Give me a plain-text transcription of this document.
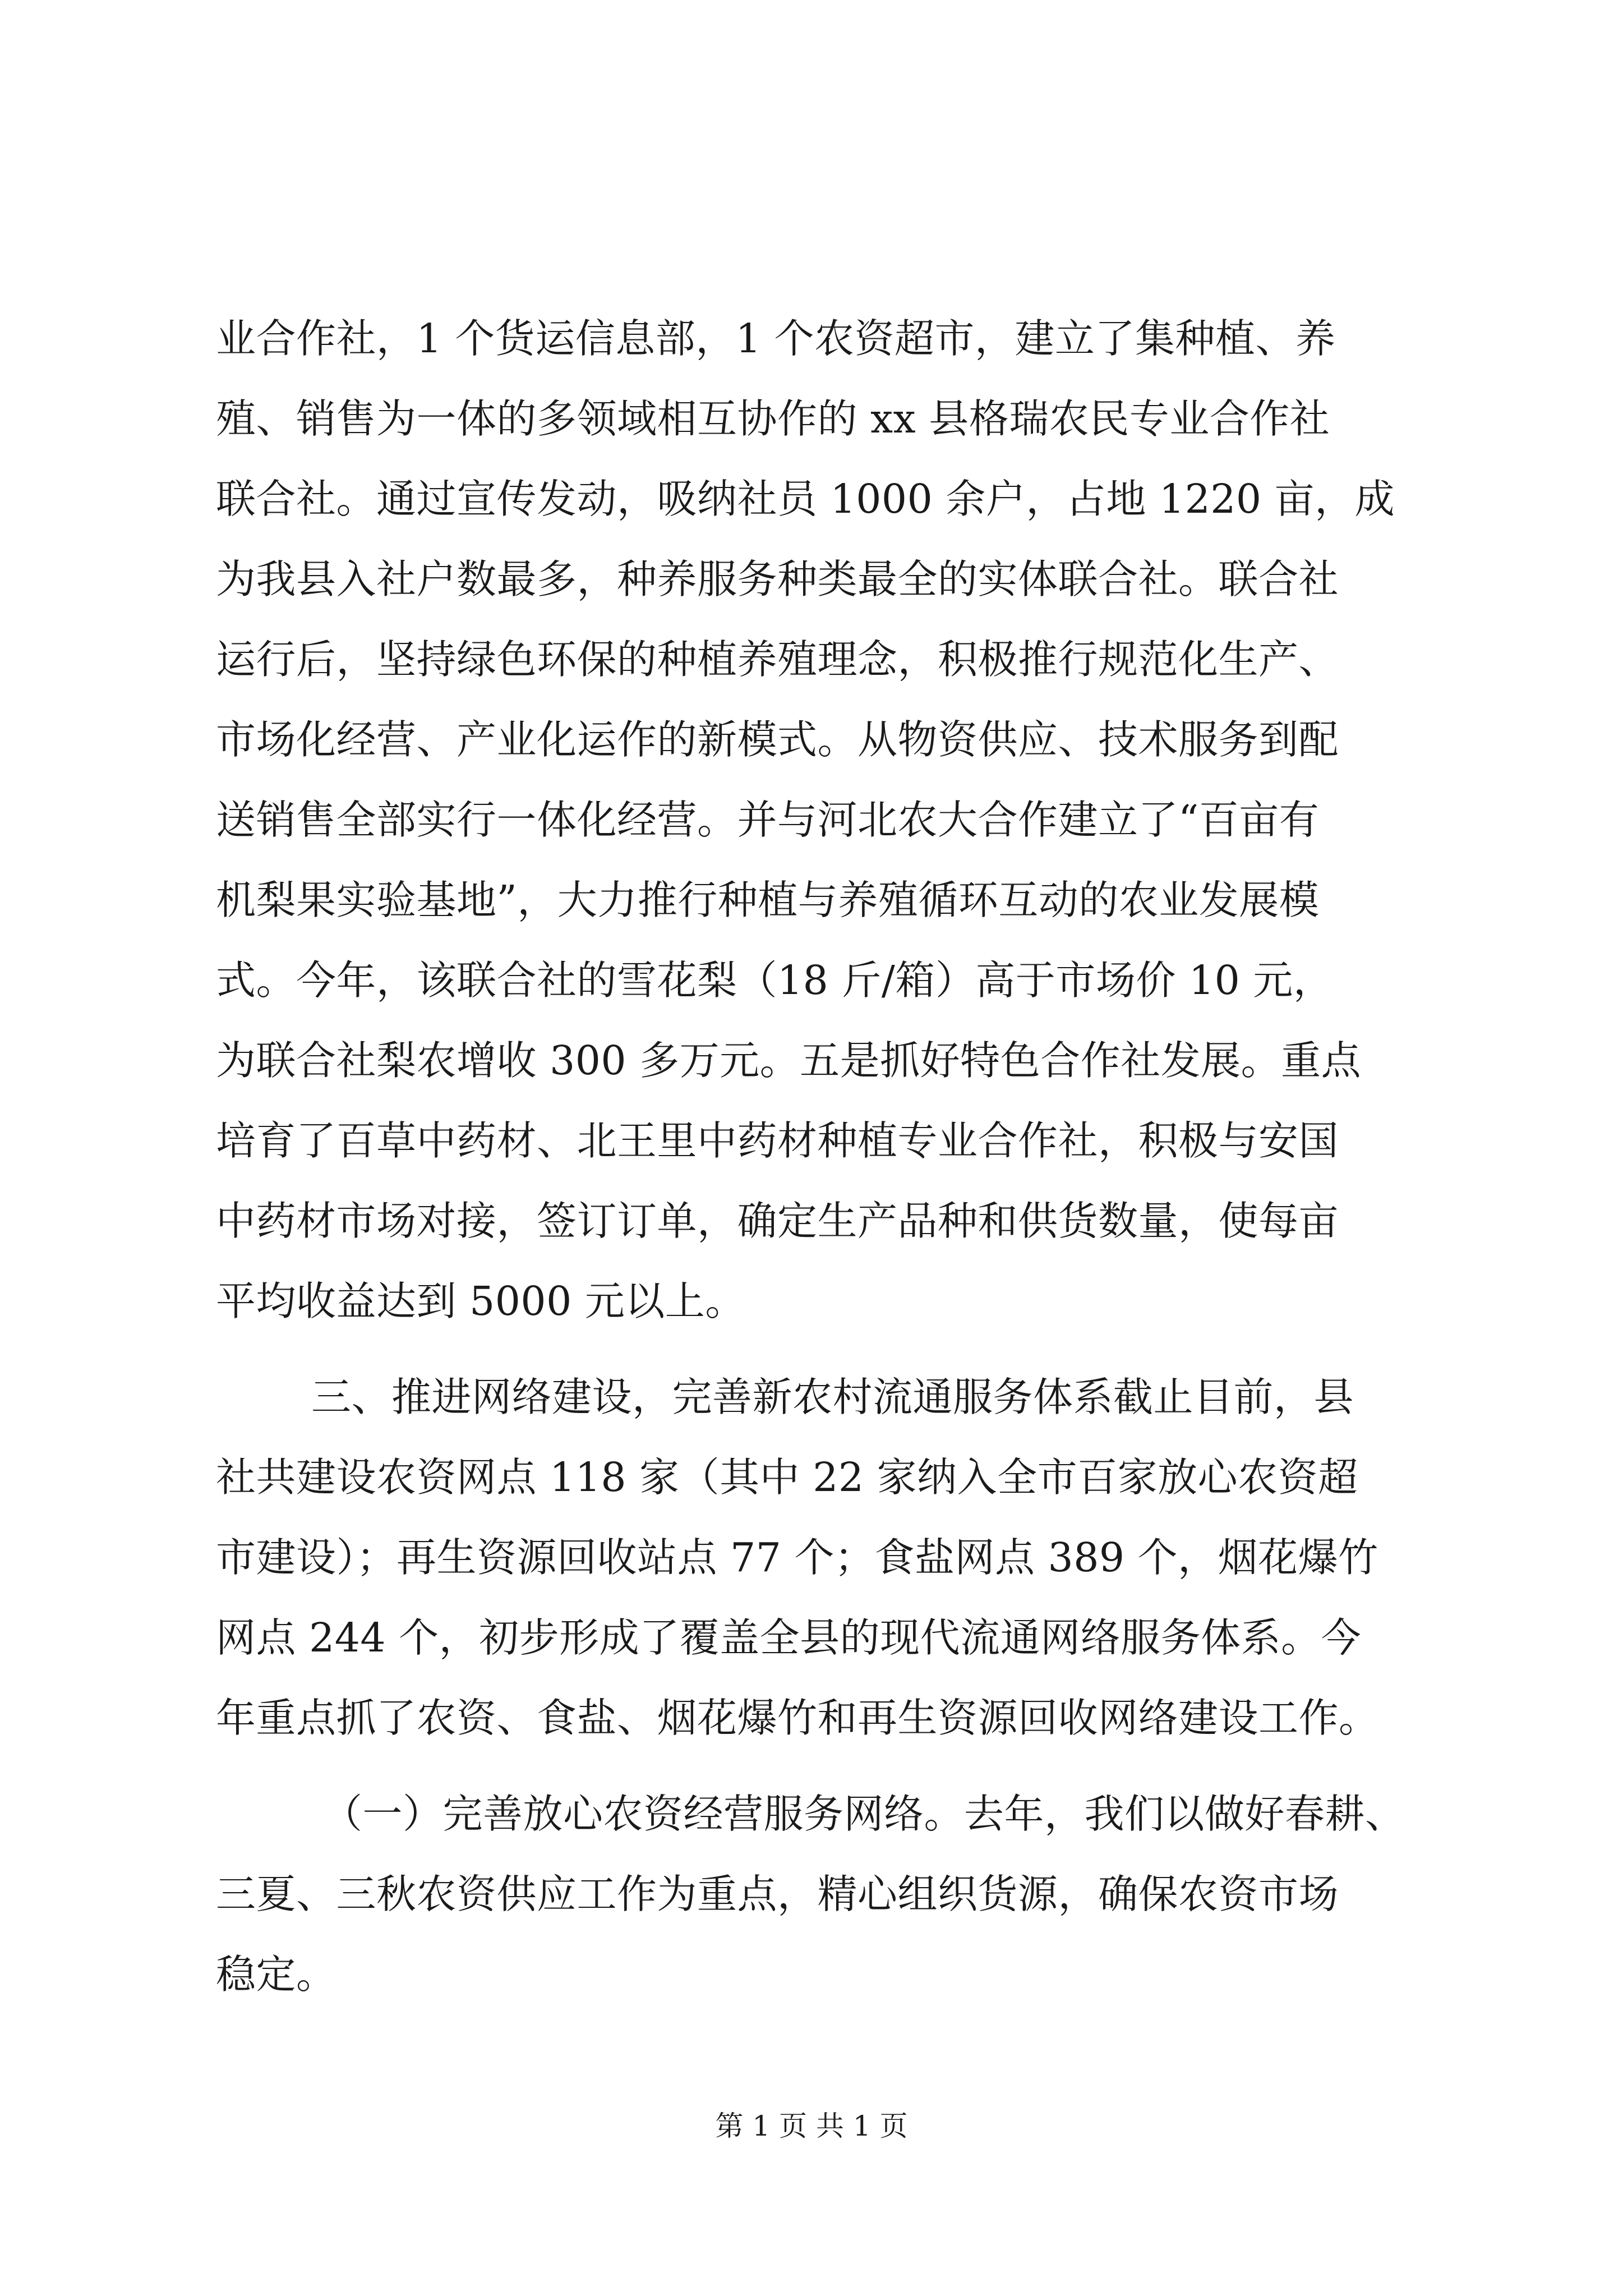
业合作社，1 个货运信息部，1 个农资超市，建立了集种植、养
殖、销售为一体的多领域相互协作的 xx 县格瑞农民专业合作社
联合社。通过宣传发动，吸纳社员 1000 余户，占地 1220 亩，成
为我县入社户数最多，种养服务种类最全的实体联合社。联合社
运行后，坚持绿色环保的种植养殖理念，积极推行规范化生产、
市场化经营、产业化运作的新模式。从物资供应、技术服务到配
送销售全部实行一体化经营。并与河北农大合作建立了“百亩有
机梨果实验基地”，大力推行种植与养殖循环互动的农业发展模
式。今年，该联合社的雪花梨（18 斤/箱）高于市场价 10 元，
为联合社梨农增收 300 多万元。五是抓好特色合作社发展。重点
培育了百草中药材、北王里中药材种植专业合作社，积极与安国
中药材市场对接，签订订单，确定生产品种和供货数量，使每亩
平均收益达到 5000 元以上。
三、推进网络建设，完善新农村流通服务体系截止目前，县
社共建设农资网点 118 家（其中 22 家纳入全市百家放心农资超
市建设）；再生资源回收站点 77 个；食盐网点 389 个，烟花爆竹
网点 244 个，初步形成了覆盖全县的现代流通网络服务体系。今
年重点抓了农资、食盐、烟花爆竹和再生资源回收网络建设工作。
（一）完善放心农资经营服务网络。去年，我们以做好春耕、
三夏、三秋农资供应工作为重点，精心组织货源，确保农资市场
稳定。
第 1 页 共 1 页
